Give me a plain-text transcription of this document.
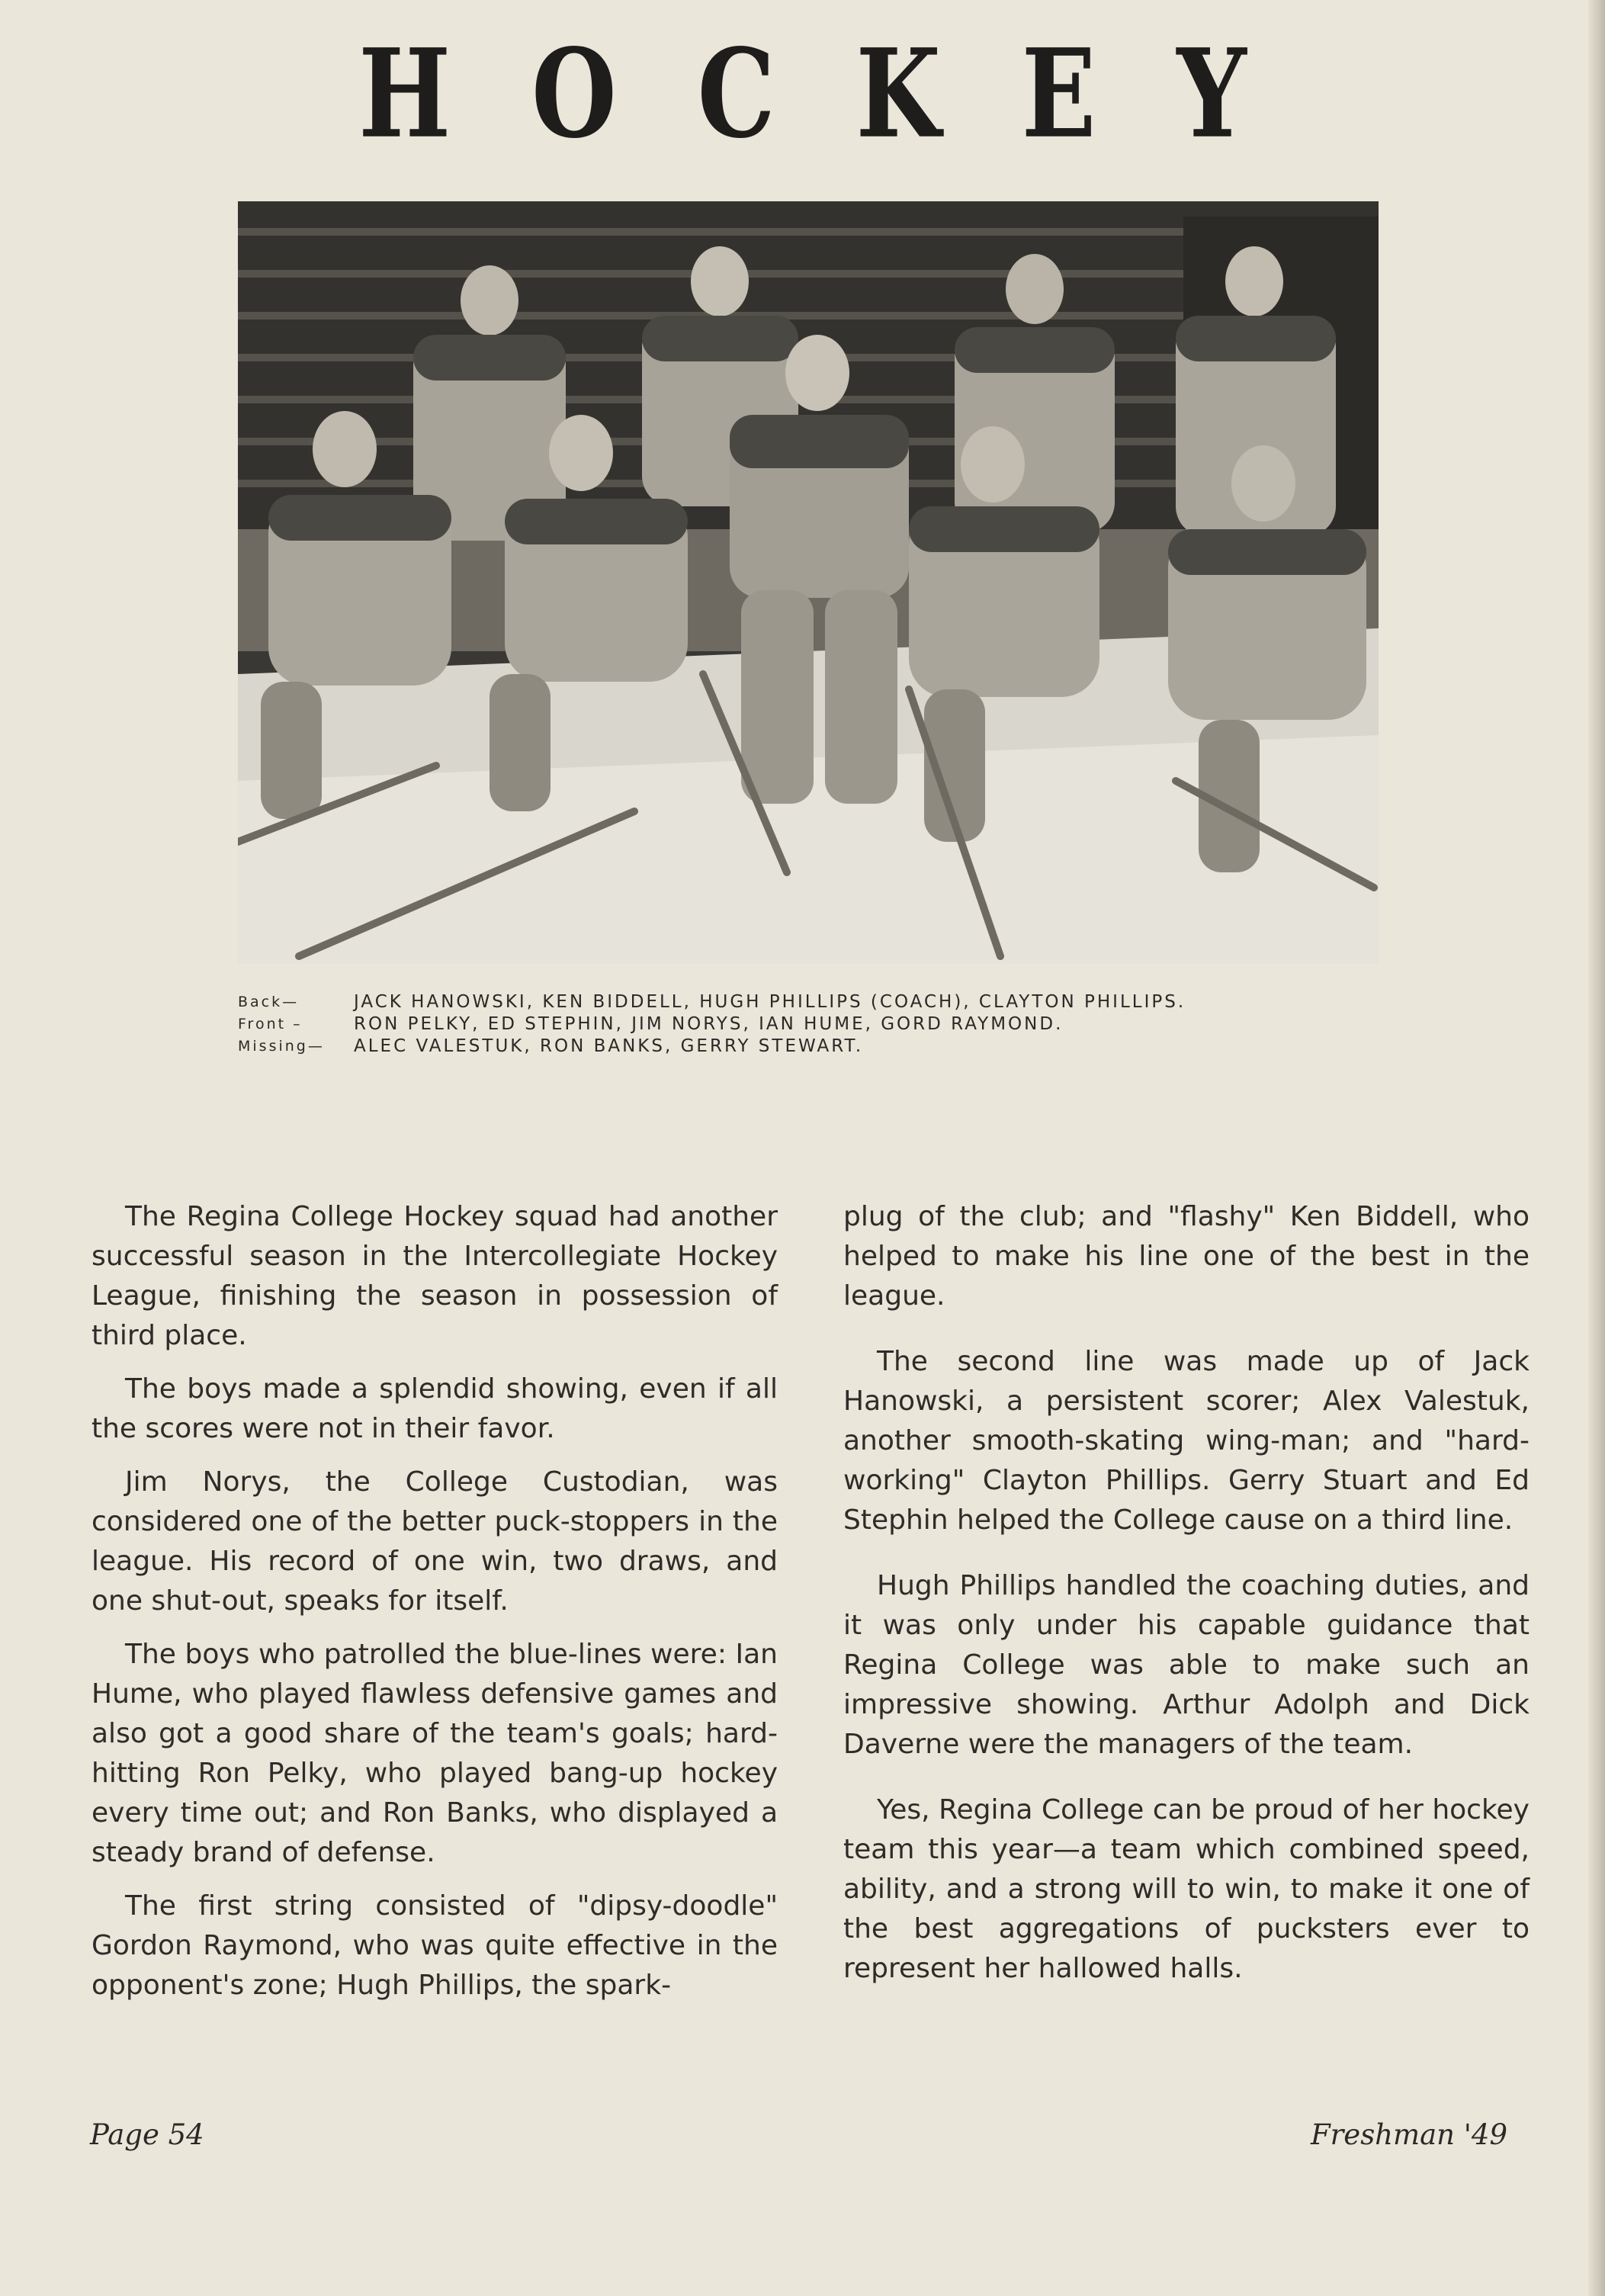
HOCKEY
Back—	JACK HANOWSKI, KEN BIDDELL, HUGH PHILLIPS (COACH), CLAYTON PHILLIPS.
Front –	RON PELKY, ED STEPHIN, JIM NORYS, IAN HUME, GORD RAYMOND.
Missing—	ALEC VALESTUK, RON BANKS, GERRY STEWART.

The Regina College Hockey squad had another successful season in the Intercollegiate Hockey League, finishing the season in possession of third place.

The boys made a splendid showing, even if all the scores were not in their favor.

Jim Norys, the College Custodian, was considered one of the better puck-stoppers in the league. His record of one win, two draws, and one shut-out, speaks for itself.

The boys who patrolled the blue-lines were: Ian Hume, who played flawless defensive games and also got a good share of the team's goals; hard-hitting Ron Pelky, who played bang-up hockey every time out; and Ron Banks, who displayed a steady brand of defense.

The first string consisted of "dipsy-doodle" Gordon Raymond, who was quite effective in the opponent's zone; Hugh Phillips, the spark-

plug of the club; and "flashy" Ken Biddell, who helped to make his line one of the best in the league.

The second line was made up of Jack Hanowski, a persistent scorer; Alex Valestuk, another smooth-skating wing-man; and "hard-working" Clayton Phillips. Gerry Stuart and Ed Stephin helped the College cause on a third line.

Hugh Phillips handled the coaching duties, and it was only under his capable guidance that Regina College was able to make such an impressive showing. Arthur Adolph and Dick Daverne were the managers of the team.

Yes, Regina College can be proud of her hockey team this year—a team which combined speed, ability, and a strong will to win, to make it one of the best aggregations of pucksters ever to represent her hallowed halls.

Page 54	Freshman '49
